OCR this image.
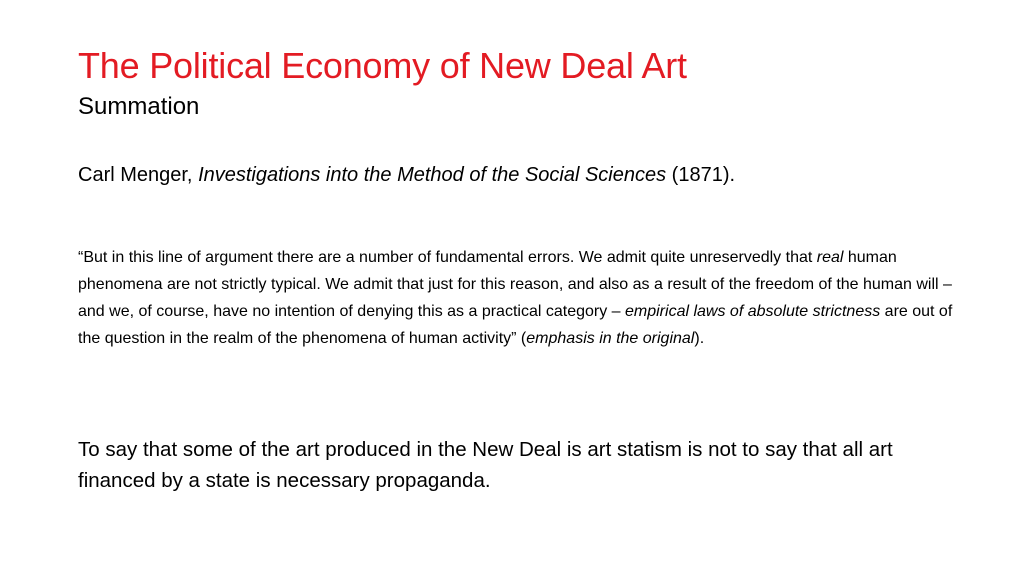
The Political Economy of New Deal Art
Summation
Carl Menger, Investigations into the Method of the Social Sciences (1871).
“But in this line of argument there are a number of fundamental errors. We admit quite unreservedly that real human phenomena are not strictly typical. We admit that just for this reason, and also as a result of the freedom of the human will – and we, of course, have no intention of denying this as a practical category – empirical laws of absolute strictness are out of the question in the realm of the phenomena of human activity” (emphasis in the original).
To say that some of the art produced in the New Deal is art statism is not to say that all art financed by a state is necessary propaganda.
